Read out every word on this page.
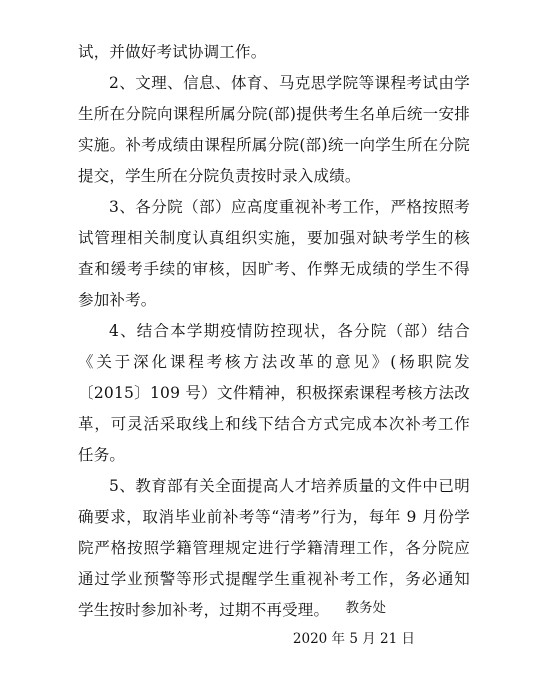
试，并做好考试协调工作。

2、文理、信息、体育、马克思学院等课程考试由学生所在分院向课程所属分院(部)提供考生名单后统一安排实施。补考成绩由课程所属分院(部)统一向学生所在分院提交，学生所在分院负责按时录入成绩。

3、各分院（部）应高度重视补考工作，严格按照考试管理相关制度认真组织实施，要加强对缺考学生的核查和缓考手续的审核，因旷考、作弊无成绩的学生不得参加补考。

4、结合本学期疫情防控现状，各分院（部）结合《关于深化课程考核方法改革的意见》(杨职院发〔2015〕109 号）文件精神，积极探索课程考核方法改革，可灵活采取线上和线下结合方式完成本次补考工作任务。

5、教育部有关全面提高人才培养质量的文件中已明确要求，取消毕业前补考等“清考”行为，每年 9 月份学院严格按照学籍管理规定进行学籍清理工作，各分院应通过学业预警等形式提醒学生重视补考工作，务必通知学生按时参加补考，过期不再受理。	教务处
2020 年 5 月 21 日
